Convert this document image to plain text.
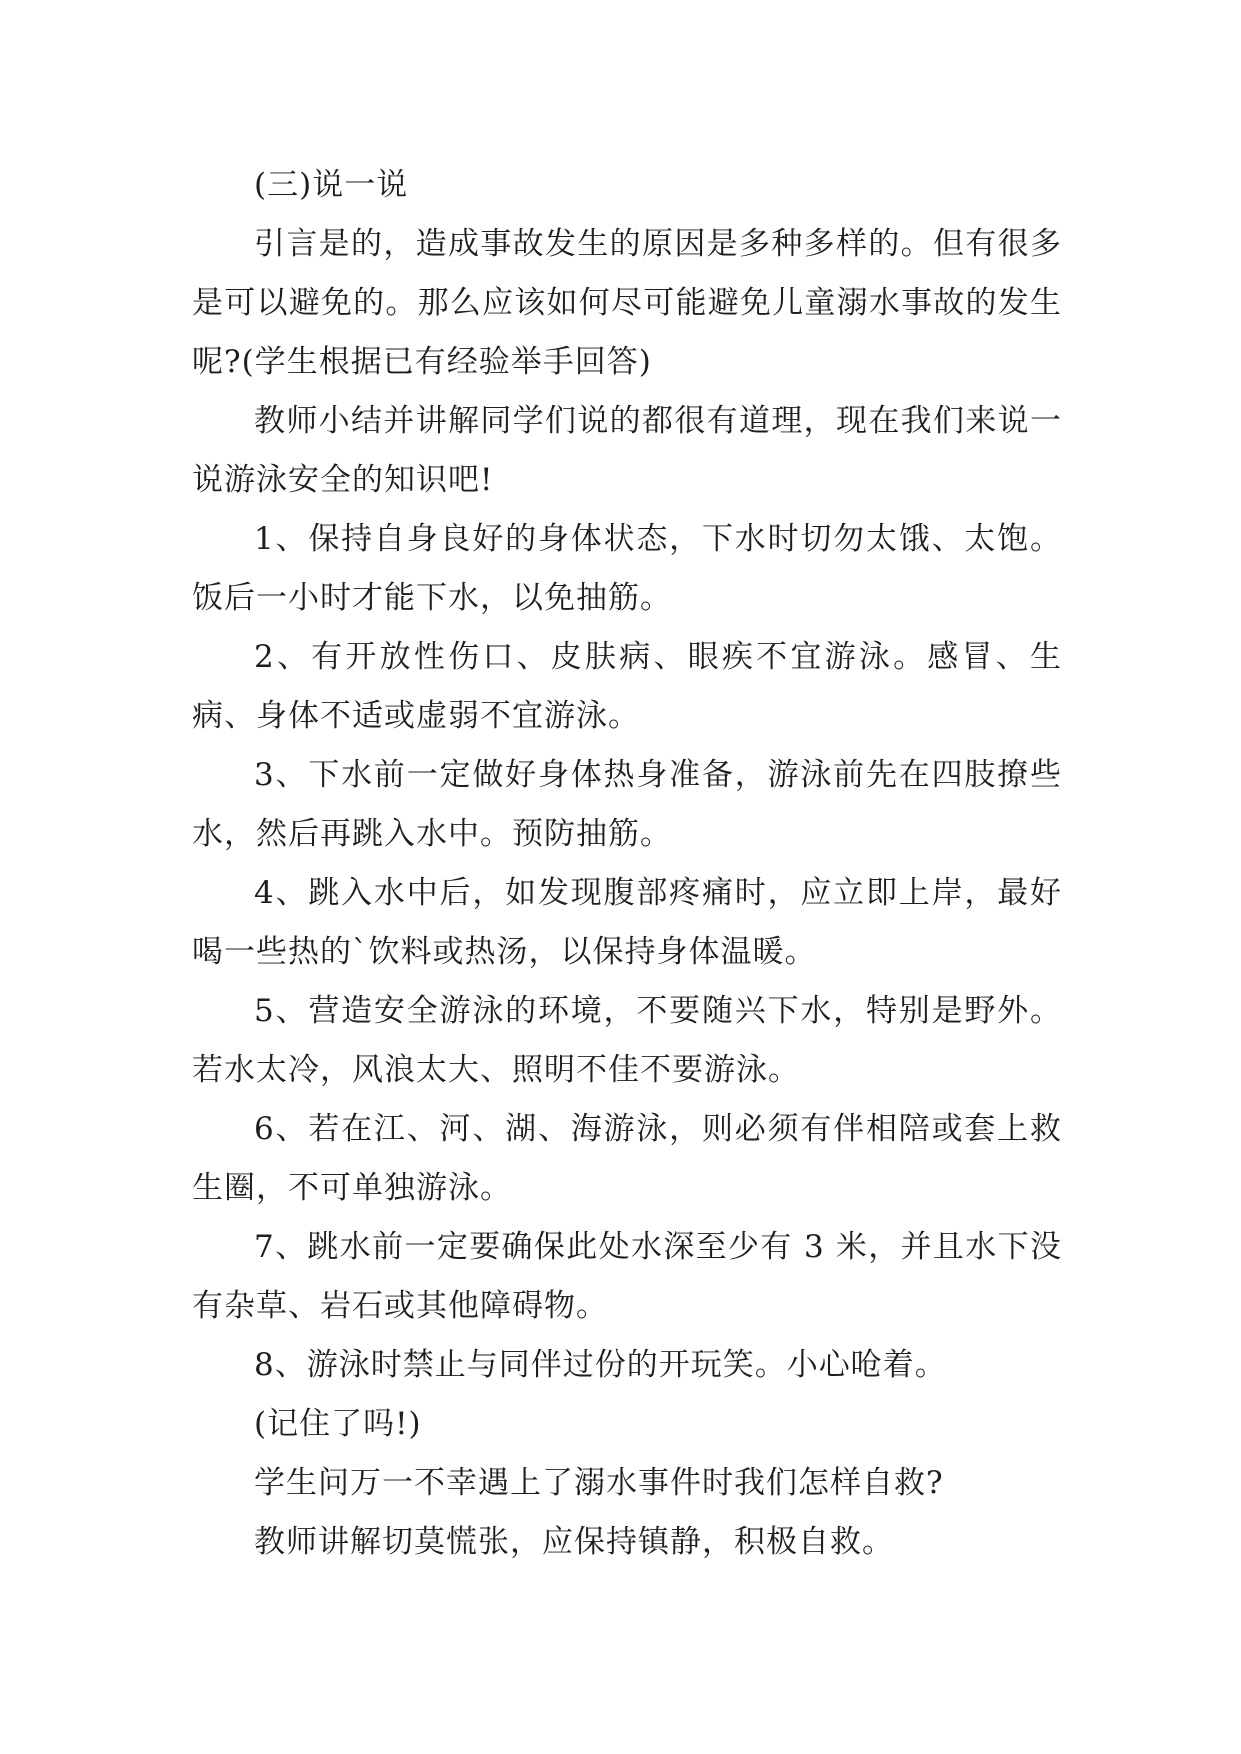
(三)说一说

引言是的，造成事故发生的原因是多种多样的。但有很多是可以避免的。那么应该如何尽可能避免儿童溺水事故的发生呢?(学生根据已有经验举手回答)

教师小结并讲解同学们说的都很有道理，现在我们来说一说游泳安全的知识吧!

1、保持自身良好的身体状态，下水时切勿太饿、太饱。饭后一小时才能下水，以免抽筋。

2、有开放性伤口、皮肤病、眼疾不宜游泳。感冒、生病、身体不适或虚弱不宜游泳。

3、下水前一定做好身体热身准备，游泳前先在四肢撩些水，然后再跳入水中。预防抽筋。

4、跳入水中后，如发现腹部疼痛时，应立即上岸，最好喝一些热的`饮料或热汤，以保持身体温暖。

5、营造安全游泳的环境，不要随兴下水，特别是野外。若水太冷，风浪太大、照明不佳不要游泳。

6、若在江、河、湖、海游泳，则必须有伴相陪或套上救生圈，不可单独游泳。

7、跳水前一定要确保此处水深至少有 3 米，并且水下没有杂草、岩石或其他障碍物。

8、游泳时禁止与同伴过份的开玩笑。小心呛着。

(记住了吗!)

学生问万一不幸遇上了溺水事件时我们怎样自救?

教师讲解切莫慌张，应保持镇静，积极自救。
